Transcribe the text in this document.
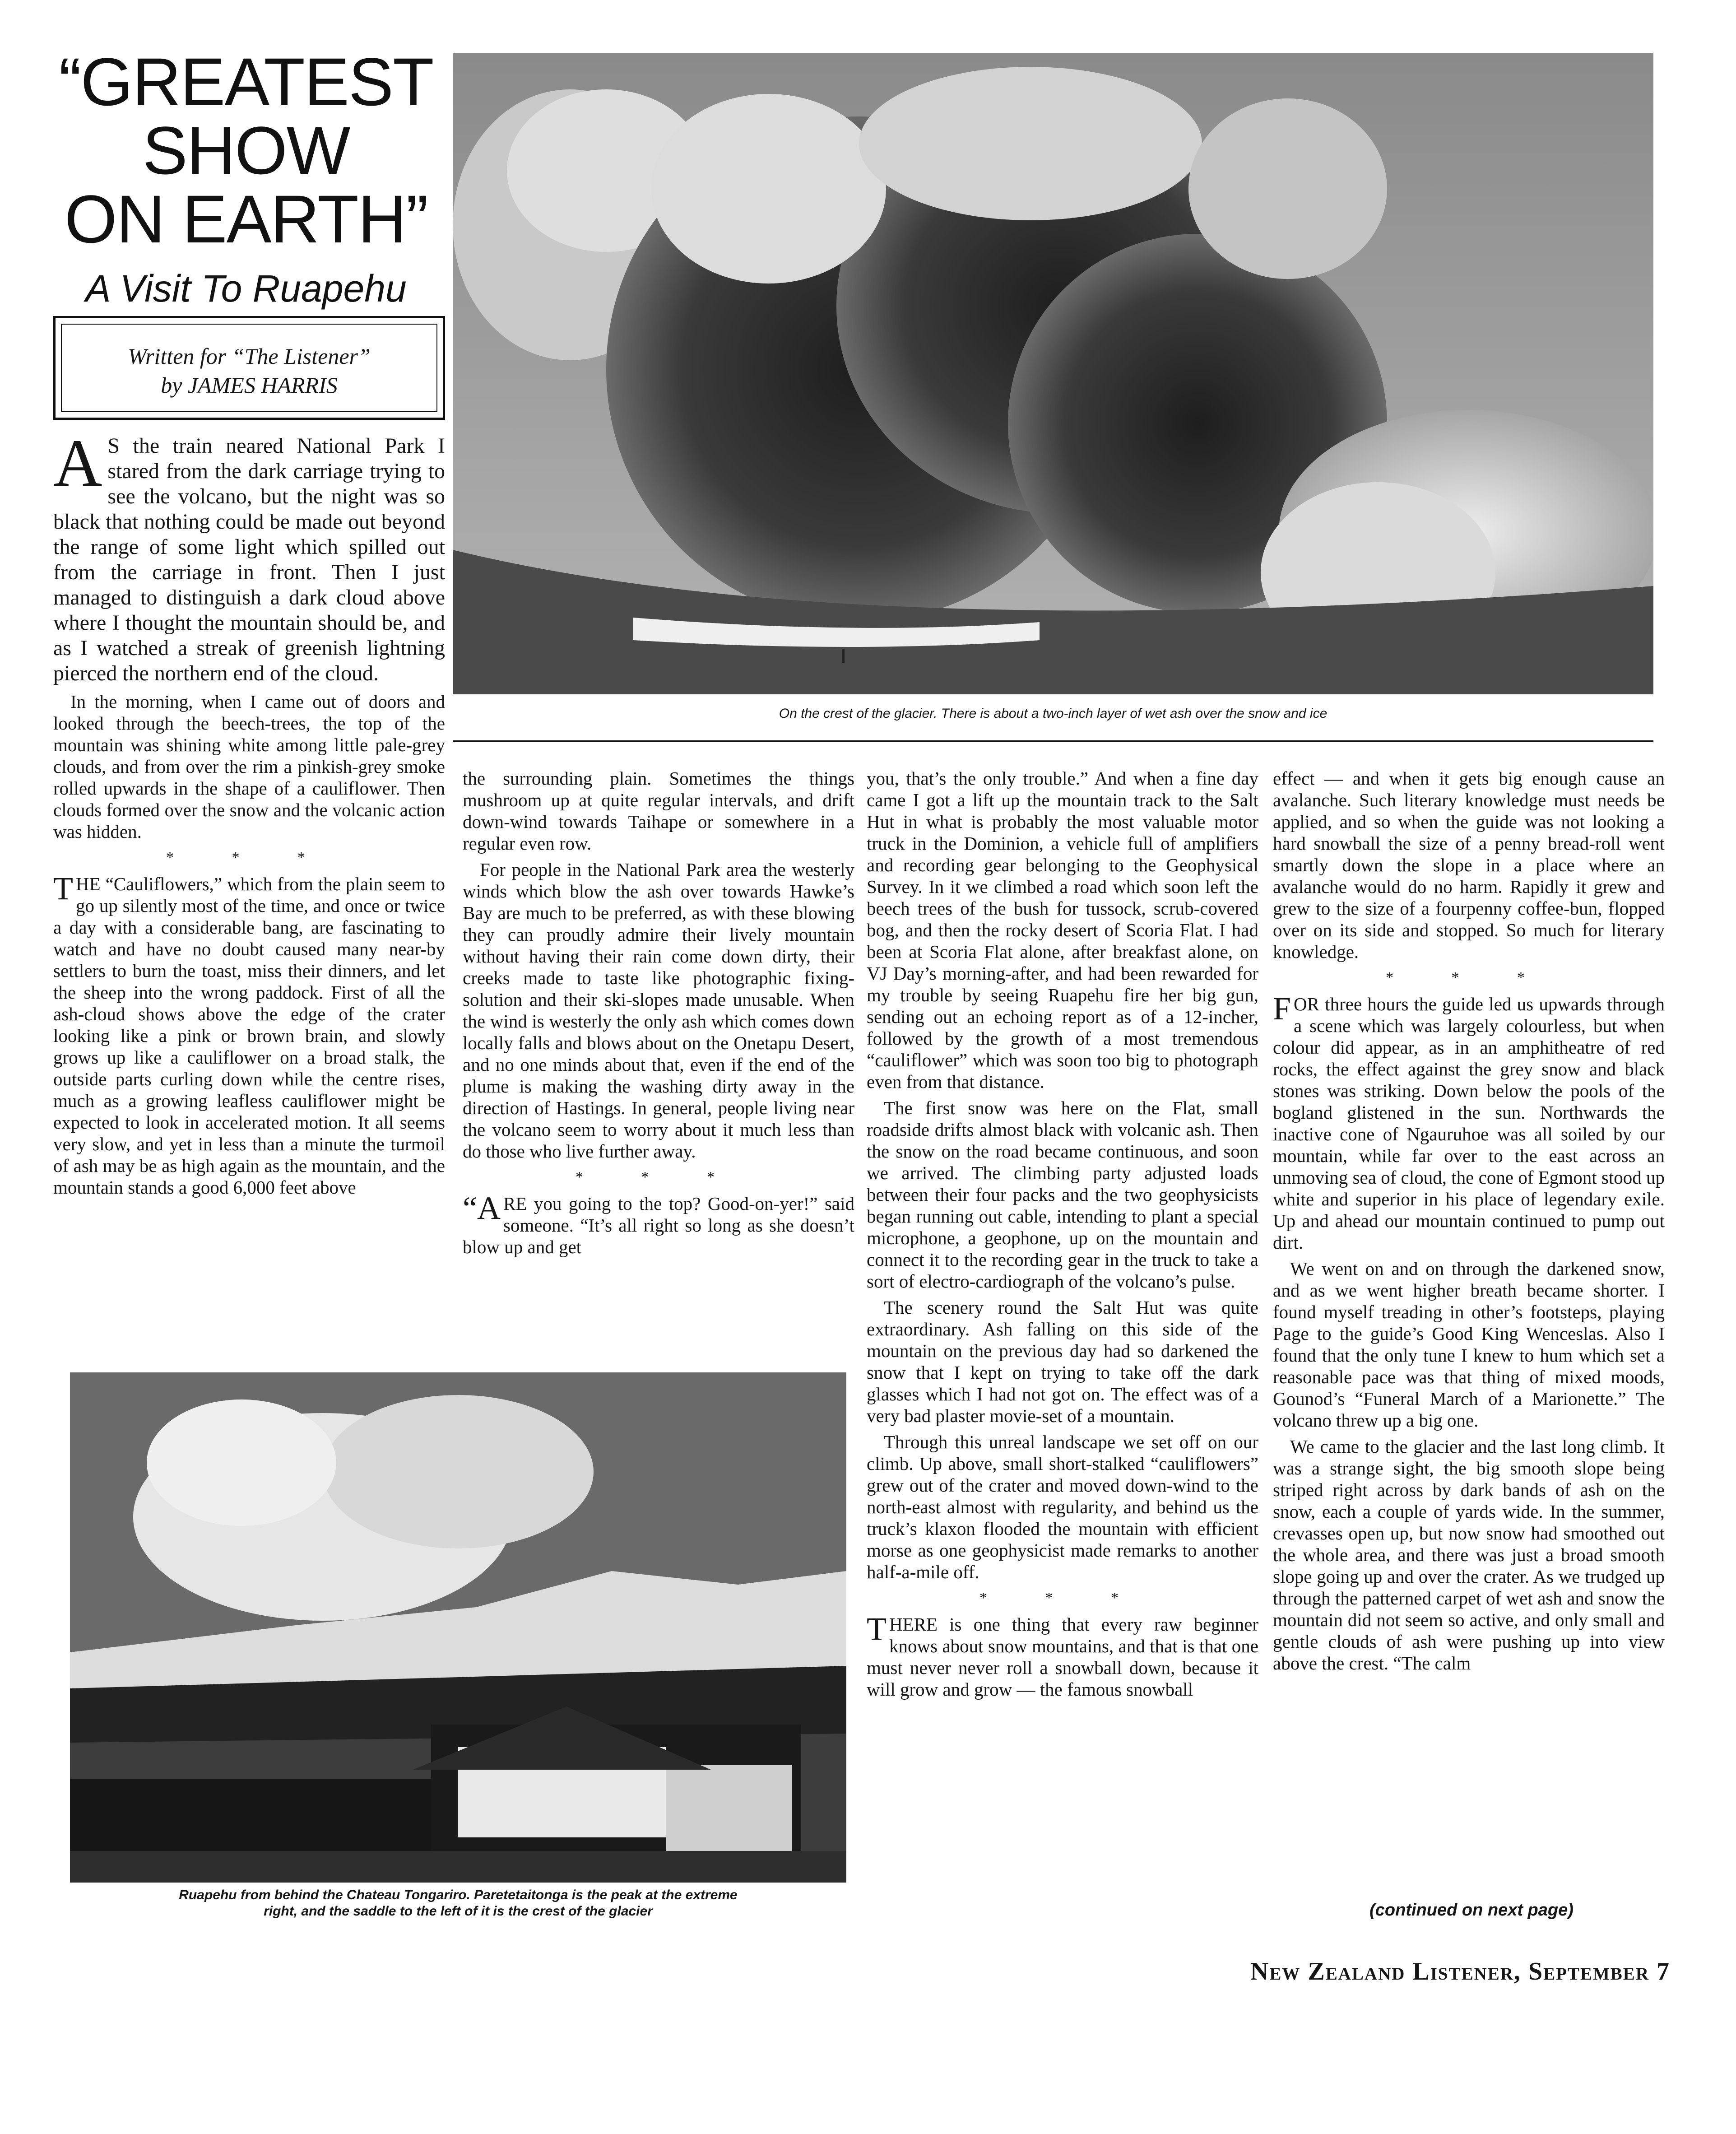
“GREATEST
SHOW
ON EARTH”
A Visit To Ruapehu
Written for “The Listener”
by JAMES HARRIS
On the crest of the glacier. There is about a two-inch layer of wet ash over the snow and ice

A S the train neared National Park I stared from the dark carriage trying to see the volcano, but the night was so black that nothing could be made out beyond the range of some light which spilled out from the carriage in front. Then I just managed to distinguish a dark cloud above where I thought the mountain should be, and as I watched a streak of greenish lightning pierced the northern end of the cloud.

In the morning, when I came out of doors and looked through the beech-trees, the top of the mountain was shining white among little pale-grey clouds, and from over the rim a pinkish-grey smoke rolled upwards in the shape of a cauliflower. Then clouds formed over the snow and the volcanic action was hidden.

* * *

T HE “Cauliflowers,” which from the plain seem to go up silently most of the time, and once or twice a day with a considerable bang, are fascinating to watch and have no doubt caused many near-by settlers to burn the toast, miss their dinners, and let the sheep into the wrong paddock. First of all the ash-cloud shows above the edge of the crater looking like a pink or brown brain, and slowly grows up like a cauliflower on a broad stalk, the outside parts curling down while the centre rises, much as a growing leafless cauliflower might be expected to look in accelerated motion. It all seems very slow, and yet in less than a minute the turmoil of ash may be as high again as the mountain, and the mountain stands a good 6,000 feet above

the surrounding plain. Sometimes the things mushroom up at quite regular intervals, and drift down-wind towards Taihape or somewhere in a regular even row.

For people in the National Park area the westerly winds which blow the ash over towards Hawke’s Bay are much to be preferred, as with these blowing they can proudly admire their lively mountain without having their rain come down dirty, their creeks made to taste like photographic fixing-solution and their ski-slopes made unusable. When the wind is westerly the only ash which comes down locally falls and blows about on the Onetapu Desert, and no one minds about that, even if the end of the plume is making the washing dirty away in the direction of Hastings. In general, people living near the volcano seem to worry about it much less than do those who live further away.

* * *

“A RE you going to the top? Good-on-yer!” said someone. “It’s all right so long as she doesn’t blow up and get

Ruapehu from behind the Chateau Tongariro. Paretetaitonga is the peak at the extreme
right, and the saddle to the left of it is the crest of the glacier

you, that’s the only trouble.” And when a fine day came I got a lift up the mountain track to the Salt Hut in what is probably the most valuable motor truck in the Dominion, a vehicle full of amplifiers and recording gear belonging to the Geophysical Survey. In it we climbed a road which soon left the beech trees of the bush for tussock, scrub-covered bog, and then the rocky desert of Scoria Flat. I had been at Scoria Flat alone, after breakfast alone, on VJ Day’s morning-after, and had been rewarded for my trouble by seeing Ruapehu fire her big gun, sending out an echoing report as of a 12-incher, followed by the growth of a most tremendous “cauliflower” which was soon too big to photograph even from that distance.

The first snow was here on the Flat, small roadside drifts almost black with volcanic ash. Then the snow on the road became continuous, and soon we arrived. The climbing party adjusted loads between their four packs and the two geophysicists began running out cable, intending to plant a special microphone, a geophone, up on the mountain and connect it to the recording gear in the truck to take a sort of electro-cardiograph of the volcano’s pulse.

The scenery round the Salt Hut was quite extraordinary. Ash falling on this side of the mountain on the previous day had so darkened the snow that I kept on trying to take off the dark glasses which I had not got on. The effect was of a very bad plaster movie-set of a mountain.

Through this unreal landscape we set off on our climb. Up above, small short-stalked “cauliflowers” grew out of the crater and moved down-wind to the north-east almost with regularity, and behind us the truck’s klaxon flooded the mountain with efficient morse as one geophysicist made remarks to another half-a-mile off.

* * *

T HERE is one thing that every raw beginner knows about snow mountains, and that is that one must never never roll a snowball down, because it will grow and grow — the famous snowball

effect — and when it gets big enough cause an avalanche. Such literary knowledge must needs be applied, and so when the guide was not looking a hard snowball the size of a penny bread-roll went smartly down the slope in a place where an avalanche would do no harm. Rapidly it grew and grew to the size of a fourpenny coffee-bun, flopped over on its side and stopped. So much for literary knowledge.

* * *

F OR three hours the guide led us upwards through a scene which was largely colourless, but when colour did appear, as in an amphitheatre of red rocks, the effect against the grey snow and black stones was striking. Down below the pools of the bogland glistened in the sun. Northwards the inactive cone of Ngauruhoe was all soiled by our mountain, while far over to the east across an unmoving sea of cloud, the cone of Egmont stood up white and superior in his place of legendary exile. Up and ahead our mountain continued to pump out dirt.

We went on and on through the darkened snow, and as we went higher breath became shorter. I found myself treading in other’s footsteps, playing Page to the guide’s Good King Wenceslas. Also I found that the only tune I knew to hum which set a reasonable pace was that thing of mixed moods, Gounod’s “Funeral March of a Marionette.” The volcano threw up a big one.

We came to the glacier and the last long climb. It was a strange sight, the big smooth slope being striped right across by dark bands of ash on the snow, each a couple of yards wide. In the summer, crevasses open up, but now snow had smoothed out the whole area, and there was just a broad smooth slope going up and over the crater. As we trudged up through the patterned carpet of wet ash and snow the mountain did not seem so active, and only small and gentle clouds of ash were pushing up into view above the crest. “The calm

(continued on next page)
New Zealand Listener, September 7
